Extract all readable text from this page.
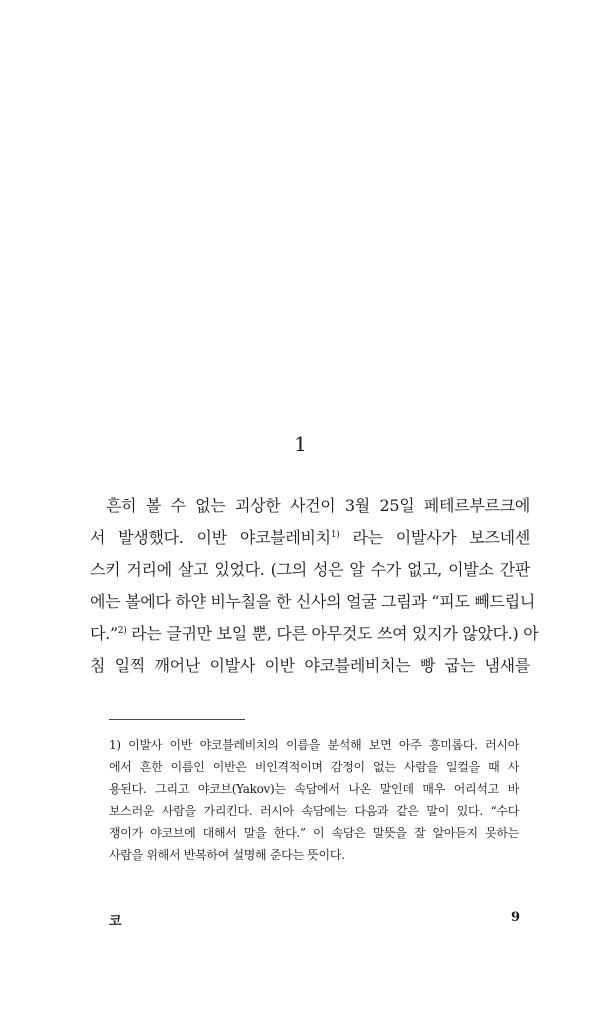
1
흔히 볼 수 없는 괴상한 사건이 3월 25일 페테르부르크에
서 발생했다. 이반 야코블레비치$^{1)}$ 라는 이발사가 보즈네센
스키 거리에 살고 있었다. (그의 성은 알 수가 없고, 이발소 간판
에는 볼에다 하얀 비누칠을 한 신사의 얼굴 그림과 “피도 빼드립니
다.”$^{2)}$ 라는 글귀만 보일 뿐, 다른 아무것도 쓰여 있지가 않았다.) 아
침 일찍 깨어난 이발사 이반 야코블레비치는 빵 굽는 냄새를
1) 이발사 이반 야코블레비치의 이름을 분석해 보면 아주 흥미롭다. 러시아
에서 흔한 이름인 이반은 비인격적이며 감정이 없는 사람을 일컬을 때 사
용된다. 그리고 야코브(Yakov)는 속담에서 나온 말인데 매우 어리석고 바
보스러운 사람을 가리킨다. 러시아 속담에는 다음과 같은 말이 있다. “수다
쟁이가 야코브에 대해서 말을 한다.” 이 속담은 말뜻을 잘 알아듣지 못하는
사람을 위해서 반복하여 설명해 준다는 뜻이다.
코	9
